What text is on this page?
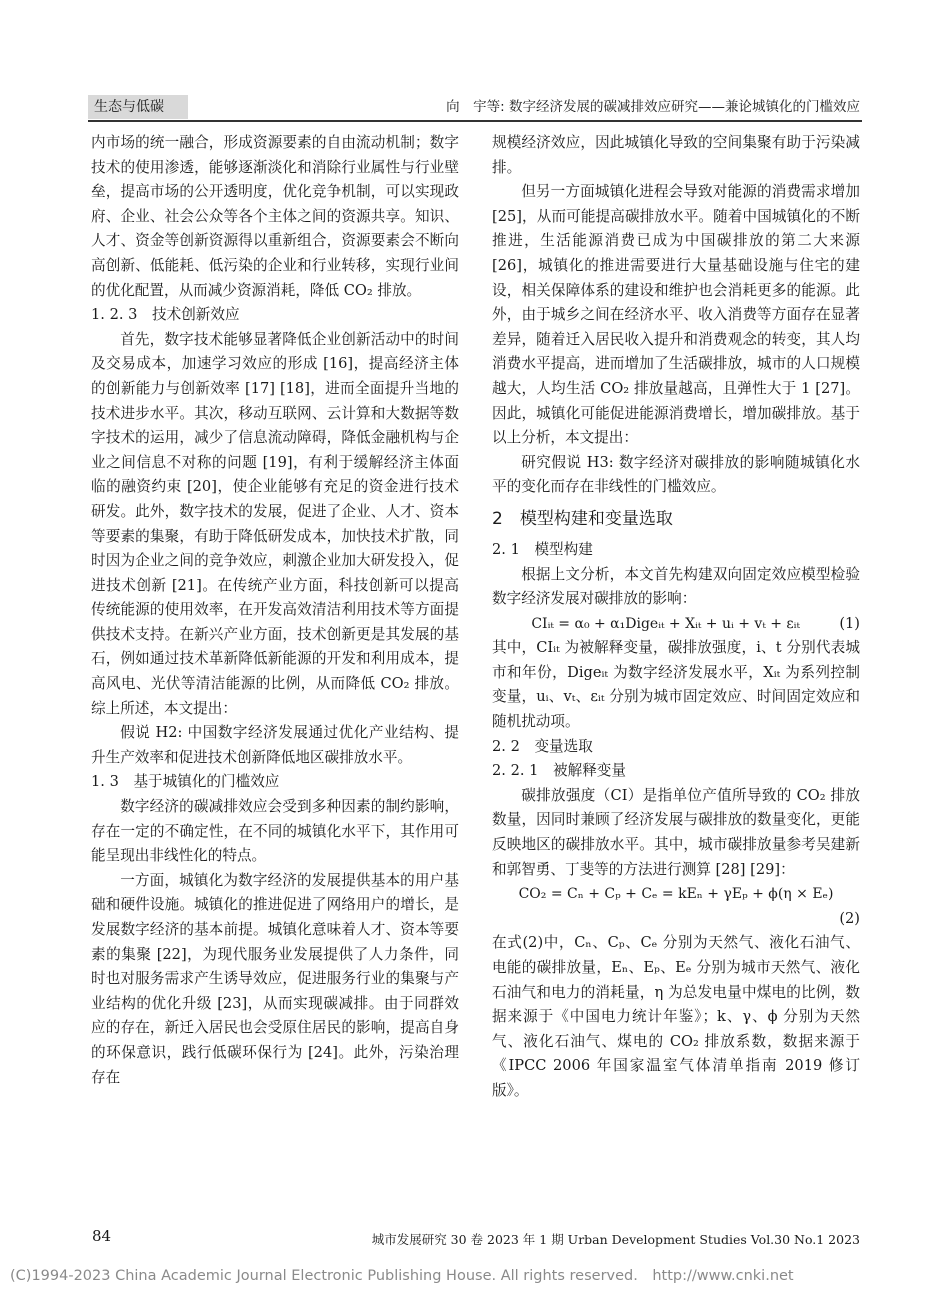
生态与低碳	向　宇等: 数字经济发展的碳减排效应研究——兼论城镇化的门槛效应

内市场的统一融合，形成资源要素的自由流动机制；数字技术的使用渗透，能够逐渐淡化和消除行业属性与行业壁垒，提高市场的公开透明度，优化竞争机制，可以实现政府、企业、社会公众等各个主体之间的资源共享。知识、人才、资金等创新资源得以重新组合，资源要素会不断向高创新、低能耗、低污染的企业和行业转移，实现行业间的优化配置，从而减少资源消耗，降低 CO₂ 排放。

1. 2. 3　技术创新效应

首先，数字技术能够显著降低企业创新活动中的时间及交易成本，加速学习效应的形成 [16]，提高经济主体的创新能力与创新效率 [17] [18]，进而全面提升当地的技术进步水平。其次，移动互联网、云计算和大数据等数字技术的运用，减少了信息流动障碍，降低金融机构与企业之间信息不对称的问题 [19]，有利于缓解经济主体面临的融资约束 [20]，使企业能够有充足的资金进行技术研发。此外，数字技术的发展，促进了企业、人才、资本等要素的集聚，有助于降低研发成本，加快技术扩散，同时因为企业之间的竞争效应，刺激企业加大研发投入，促进技术创新 [21]。在传统产业方面，科技创新可以提高传统能源的使用效率，在开发高效清洁利用技术等方面提供技术支持。在新兴产业方面，技术创新更是其发展的基石，例如通过技术革新降低新能源的开发和利用成本，提高风电、光伏等清洁能源的比例，从而降低 CO₂ 排放。综上所述，本文提出：

假说 H2: 中国数字经济发展通过优化产业结构、提升生产效率和促进技术创新降低地区碳排放水平。

1. 3　基于城镇化的门槛效应

数字经济的碳减排效应会受到多种因素的制约影响，存在一定的不确定性，在不同的城镇化水平下，其作用可能呈现出非线性化的特点。

一方面，城镇化为数字经济的发展提供基本的用户基础和硬件设施。城镇化的推进促进了网络用户的增长，是发展数字经济的基本前提。城镇化意味着人才、资本等要素的集聚 [22]，为现代服务业发展提供了人力条件，同时也对服务需求产生诱导效应，促进服务行业的集聚与产业结构的优化升级 [23]，从而实现碳减排。由于同群效应的存在，新迁入居民也会受原住居民的影响，提高自身的环保意识，践行低碳环保行为 [24]。此外，污染治理存在

规模经济效应，因此城镇化导致的空间集聚有助于污染减排。

但另一方面城镇化进程会导致对能源的消费需求增加 [25]，从而可能提高碳排放水平。随着中国城镇化的不断推进，生活能源消费已成为中国碳排放的第二大来源 [26]，城镇化的推进需要进行大量基础设施与住宅的建设，相关保障体系的建设和维护也会消耗更多的能源。此外，由于城乡之间在经济水平、收入消费等方面存在显著差异，随着迁入居民收入提升和消费观念的转变，其人均消费水平提高，进而增加了生活碳排放，城市的人口规模越大，人均生活 CO₂ 排放量越高，且弹性大于 1 [27]。因此，城镇化可能促进能源消费增长，增加碳排放。基于以上分析，本文提出：

研究假说 H3: 数字经济对碳排放的影响随城镇化水平的变化而存在非线性的门槛效应。

2　模型构建和变量选取

2. 1　模型构建

根据上文分析，本文首先构建双向固定效应模型检验数字经济发展对碳排放的影响：

CIᵢₜ = α₀ + α₁Digeᵢₜ + Xᵢₜ + uᵢ + vₜ + εᵢₜ	(1)

其中，CIᵢₜ 为被解释变量，碳排放强度，i、t 分别代表城市和年份，Digeᵢₜ 为数字经济发展水平，Xᵢₜ 为系列控制变量，uᵢ、vₜ、εᵢₜ 分别为城市固定效应、时间固定效应和随机扰动项。

2. 2　变量选取

2. 2. 1　被解释变量

碳排放强度（CI）是指单位产值所导致的 CO₂ 排放数量，因同时兼顾了经济发展与碳排放的数量变化，更能反映地区的碳排放水平。其中，城市碳排放量参考吴建新和郭智勇、丁斐等的方法进行测算 [28] [29]：

CO₂ = Cₙ + Cₚ + Cₑ = kEₙ + γEₚ + ϕ(η × Eₑ)

(2)

在式(2)中，Cₙ、Cₚ、Cₑ 分别为天然气、液化石油气、电能的碳排放量，Eₙ、Eₚ、Eₑ 分别为城市天然气、液化石油气和电力的消耗量，η 为总发电量中煤电的比例，数据来源于《中国电力统计年鉴》；k、γ、ϕ 分别为天然气、液化石油气、煤电的 CO₂ 排放系数，数据来源于《IPCC 2006 年国家温室气体清单指南 2019 修订版》。

84	城市发展研究 30 卷 2023 年 1 期 Urban Development Studies Vol.30 No.1 2023
(C)1994-2023 China Academic Journal Electronic Publishing House. All rights reserved.　http://www.cnki.net
